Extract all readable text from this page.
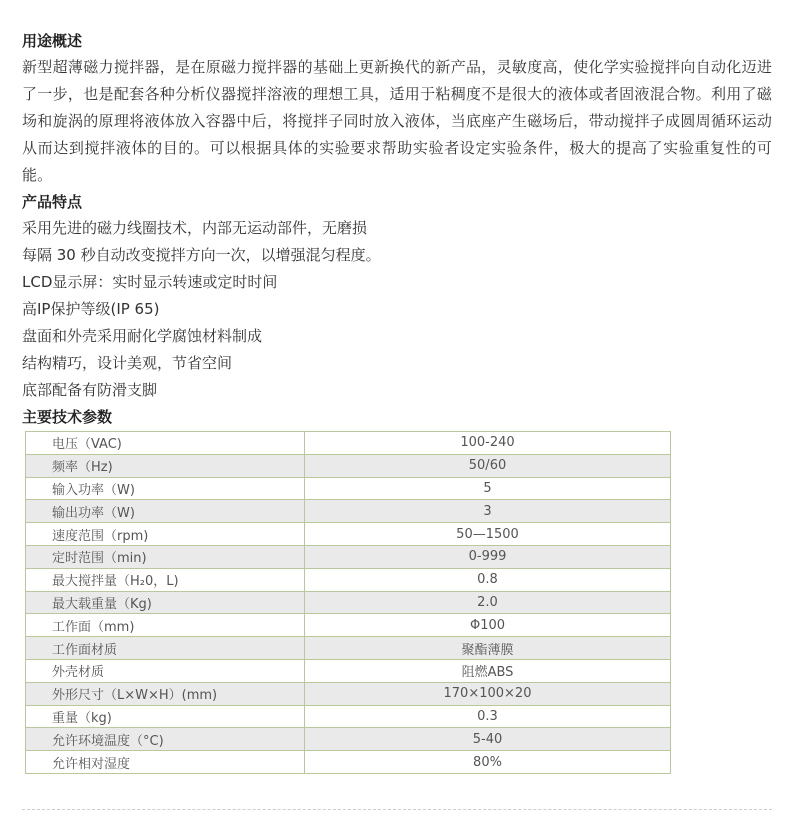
用途概述

新型超薄磁力搅拌器，是在原磁力搅拌器的基础上更新换代的新产品，灵敏度高，使化学实验搅拌向自动化迈进了一步，也是配套各种分析仪器搅拌溶液的理想工具，适用于粘稠度不是很大的液体或者固液混合物。利用了磁场和旋涡的原理将液体放入容器中后，将搅拌子同时放入液体，当底座产生磁场后，带动搅拌子成圆周循环运动从而达到搅拌液体的目的。可以根据具体的实验要求帮助实验者设定实验条件，极大的提高了实验重复性的可能。

产品特点
采用先进的磁力线圈技术，内部无运动部件，无磨损
每隔 30 秒自动改变搅拌方向一次，以增强混匀程度。
LCD显示屏：实时显示转速或定时时间
高IP保护等级(IP 65)
盘面和外壳采用耐化学腐蚀材料制成
结构精巧，设计美观，节省空间
底部配备有防滑支脚
主要技术参数
电压（VAC)	100-240
频率（Hz)	50/60
输入功率（W)	5
输出功率（W)	3
速度范围（rpm)	50—1500
定时范围（min)	0-999
最大搅拌量（H₂0，L)	0.8
最大载重量（Kg)	2.0
工作面（mm)	Φ100
工作面材质	聚酯薄膜
外壳材质	阻燃ABS
外形尺寸（L×W×H）(mm)	170×100×20
重量（kg)	0.3
允许环境温度（°C)	5-40
允许相对湿度	80%
